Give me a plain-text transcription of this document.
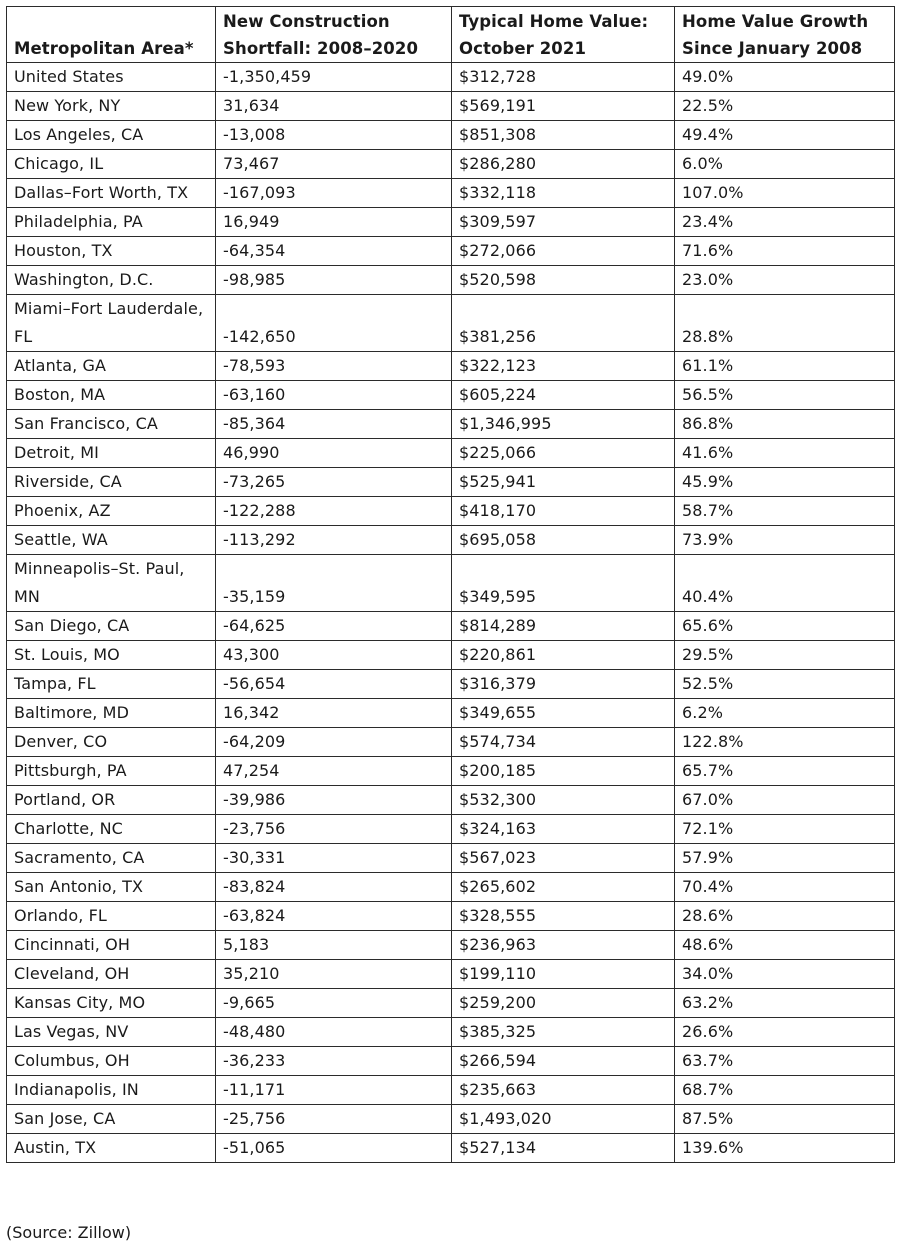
Metropolitan Area*	New Construction Shortfall: 2008–2020	Typical Home Value: October 2021	Home Value Growth Since January 2008
United States	-1,350,459	$312,728	49.0%
New York, NY	31,634	$569,191	22.5%
Los Angeles, CA	-13,008	$851,308	49.4%
Chicago, IL	73,467	$286,280	6.0%
Dallas–Fort Worth, TX	-167,093	$332,118	107.0%
Philadelphia, PA	16,949	$309,597	23.4%
Houston, TX	-64,354	$272,066	71.6%
Washington, D.C.	-98,985	$520,598	23.0%
Miami–Fort Lauderdale, FL	-142,650	$381,256	28.8%
Atlanta, GA	-78,593	$322,123	61.1%
Boston, MA	-63,160	$605,224	56.5%
San Francisco, CA	-85,364	$1,346,995	86.8%
Detroit, MI	46,990	$225,066	41.6%
Riverside, CA	-73,265	$525,941	45.9%
Phoenix, AZ	-122,288	$418,170	58.7%
Seattle, WA	-113,292	$695,058	73.9%
Minneapolis–St. Paul, MN	-35,159	$349,595	40.4%
San Diego, CA	-64,625	$814,289	65.6%
St. Louis, MO	43,300	$220,861	29.5%
Tampa, FL	-56,654	$316,379	52.5%
Baltimore, MD	16,342	$349,655	6.2%
Denver, CO	-64,209	$574,734	122.8%
Pittsburgh, PA	47,254	$200,185	65.7%
Portland, OR	-39,986	$532,300	67.0%
Charlotte, NC	-23,756	$324,163	72.1%
Sacramento, CA	-30,331	$567,023	57.9%
San Antonio, TX	-83,824	$265,602	70.4%
Orlando, FL	-63,824	$328,555	28.6%
Cincinnati, OH	5,183	$236,963	48.6%
Cleveland, OH	35,210	$199,110	34.0%
Kansas City, MO	-9,665	$259,200	63.2%
Las Vegas, NV	-48,480	$385,325	26.6%
Columbus, OH	-36,233	$266,594	63.7%
Indianapolis, IN	-11,171	$235,663	68.7%
San Jose, CA	-25,756	$1,493,020	87.5%
Austin, TX	-51,065	$527,134	139.6%
(Source: Zillow)
